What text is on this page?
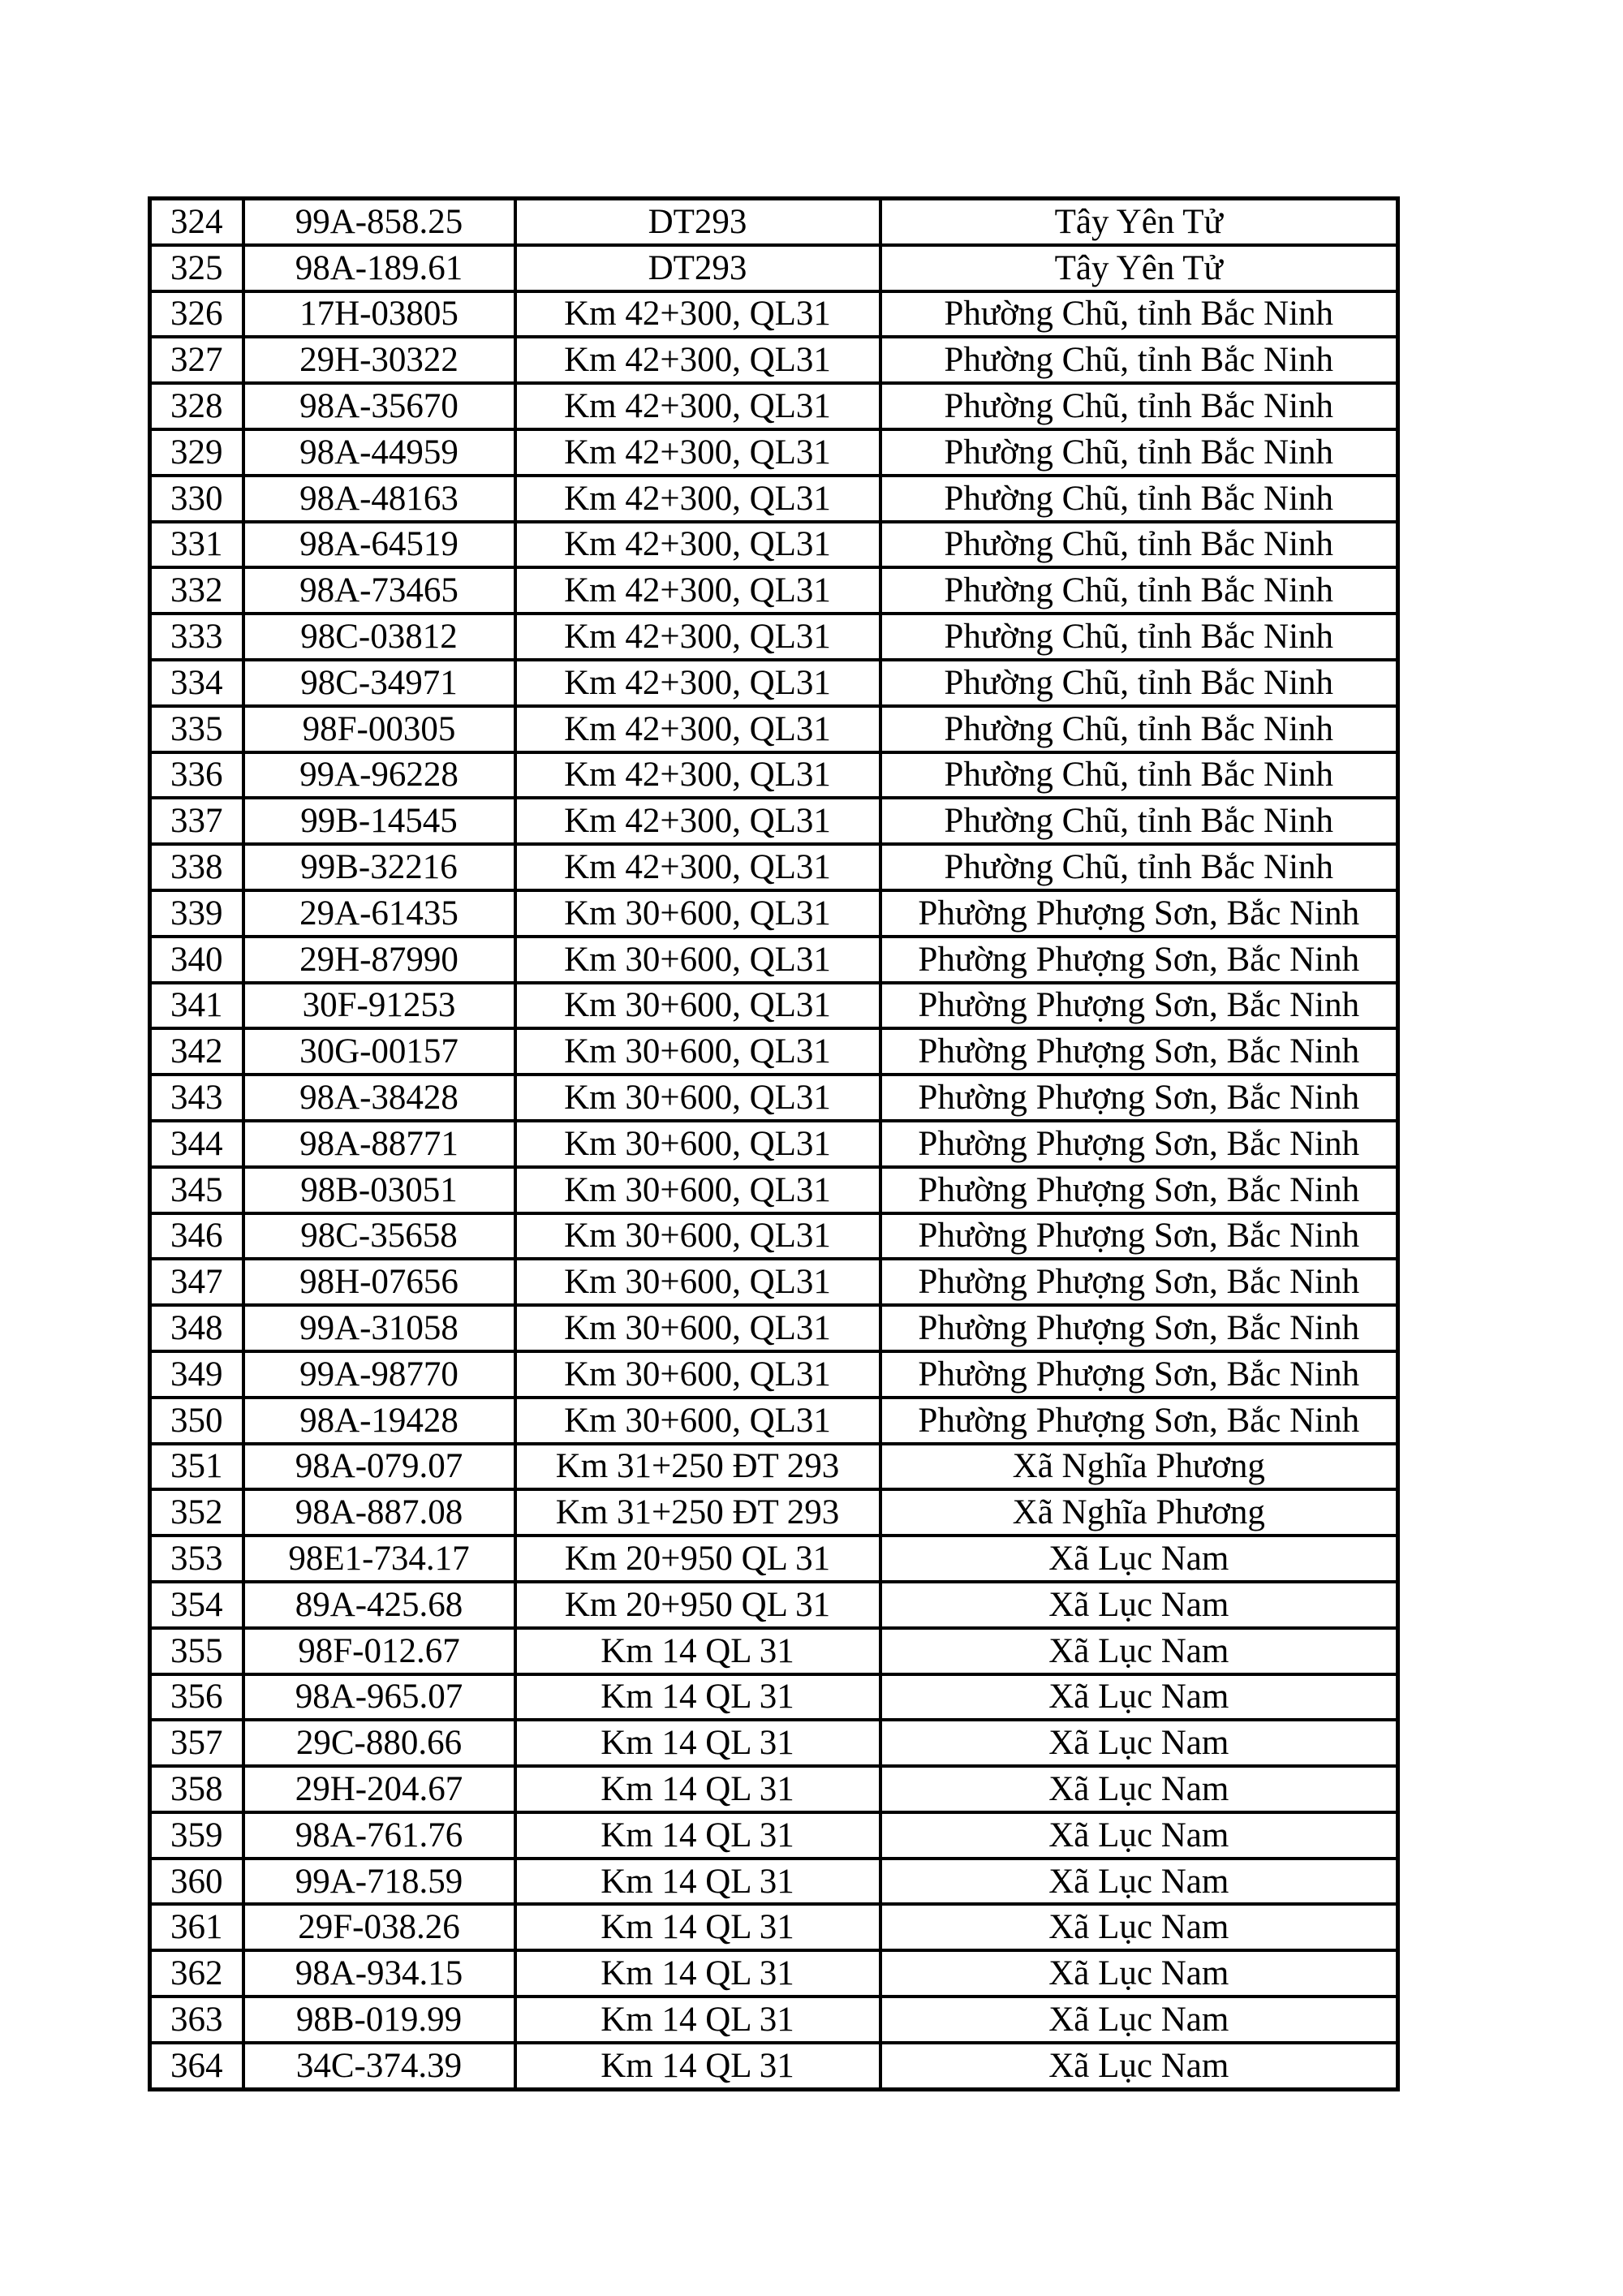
324	99A-858.25	DT293	Tây Yên Tử
325	98A-189.61	DT293	Tây Yên Tử
326	17H-03805	Km 42+300, QL31	Phường Chũ, tỉnh Bắc Ninh
327	29H-30322	Km 42+300, QL31	Phường Chũ, tỉnh Bắc Ninh
328	98A-35670	Km 42+300, QL31	Phường Chũ, tỉnh Bắc Ninh
329	98A-44959	Km 42+300, QL31	Phường Chũ, tỉnh Bắc Ninh
330	98A-48163	Km 42+300, QL31	Phường Chũ, tỉnh Bắc Ninh
331	98A-64519	Km 42+300, QL31	Phường Chũ, tỉnh Bắc Ninh
332	98A-73465	Km 42+300, QL31	Phường Chũ, tỉnh Bắc Ninh
333	98C-03812	Km 42+300, QL31	Phường Chũ, tỉnh Bắc Ninh
334	98C-34971	Km 42+300, QL31	Phường Chũ, tỉnh Bắc Ninh
335	98F-00305	Km 42+300, QL31	Phường Chũ, tỉnh Bắc Ninh
336	99A-96228	Km 42+300, QL31	Phường Chũ, tỉnh Bắc Ninh
337	99B-14545	Km 42+300, QL31	Phường Chũ, tỉnh Bắc Ninh
338	99B-32216	Km 42+300, QL31	Phường Chũ, tỉnh Bắc Ninh
339	29A-61435	Km 30+600, QL31	Phường Phượng Sơn, Bắc Ninh
340	29H-87990	Km 30+600, QL31	Phường Phượng Sơn, Bắc Ninh
341	30F-91253	Km 30+600, QL31	Phường Phượng Sơn, Bắc Ninh
342	30G-00157	Km 30+600, QL31	Phường Phượng Sơn, Bắc Ninh
343	98A-38428	Km 30+600, QL31	Phường Phượng Sơn, Bắc Ninh
344	98A-88771	Km 30+600, QL31	Phường Phượng Sơn, Bắc Ninh
345	98B-03051	Km 30+600, QL31	Phường Phượng Sơn, Bắc Ninh
346	98C-35658	Km 30+600, QL31	Phường Phượng Sơn, Bắc Ninh
347	98H-07656	Km 30+600, QL31	Phường Phượng Sơn, Bắc Ninh
348	99A-31058	Km 30+600, QL31	Phường Phượng Sơn, Bắc Ninh
349	99A-98770	Km 30+600, QL31	Phường Phượng Sơn, Bắc Ninh
350	98A-19428	Km 30+600, QL31	Phường Phượng Sơn, Bắc Ninh
351	98A-079.07	Km 31+250 ĐT 293	Xã Nghĩa Phương
352	98A-887.08	Km 31+250 ĐT 293	Xã Nghĩa Phương
353	98E1-734.17	Km 20+950 QL 31	Xã Lục Nam
354	89A-425.68	Km 20+950 QL 31	Xã Lục Nam
355	98F-012.67	Km 14 QL 31	Xã Lục Nam
356	98A-965.07	Km 14 QL 31	Xã Lục Nam
357	29C-880.66	Km 14 QL 31	Xã Lục Nam
358	29H-204.67	Km 14 QL 31	Xã Lục Nam
359	98A-761.76	Km 14 QL 31	Xã Lục Nam
360	99A-718.59	Km 14 QL 31	Xã Lục Nam
361	29F-038.26	Km 14 QL 31	Xã Lục Nam
362	98A-934.15	Km 14 QL 31	Xã Lục Nam
363	98B-019.99	Km 14 QL 31	Xã Lục Nam
364	34C-374.39	Km 14 QL 31	Xã Lục Nam
